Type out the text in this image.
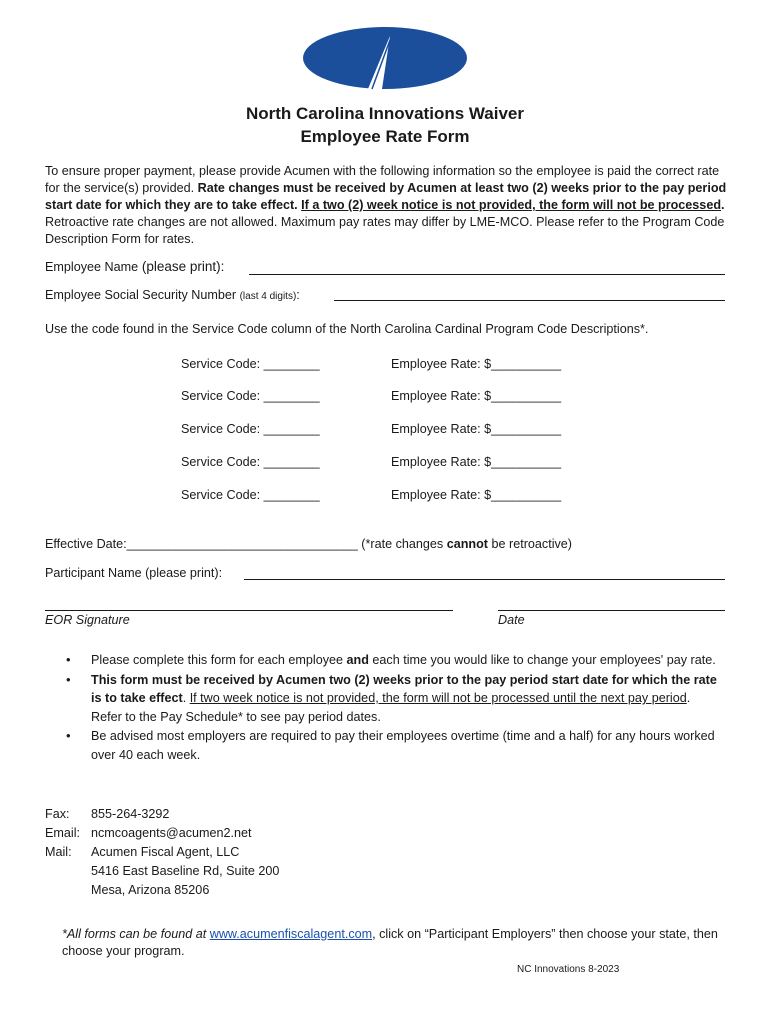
North Carolina Innovations Waiver
Employee Rate Form

To ensure proper payment, please provide Acumen with the following information so the employee is paid the correct rate for the service(s) provided. Rate changes must be received by Acumen at least two (2) weeks prior to the pay period start date for which they are to take effect. If a two (2) week notice is not provided, the form will not be processed. Retroactive rate changes are not allowed. Maximum pay rates may differ by LME-MCO. Please refer to the Program Code Description Form for rates.

Employee Name (please print):
Employee Social Security Number (last 4 digits):
Use the code found in the Service Code column of the North Carolina Cardinal Program Code Descriptions*.
Service Code: ________	Employee Rate: $__________
Service Code: ________	Employee Rate: $__________
Service Code: ________	Employee Rate: $__________
Service Code: ________	Employee Rate: $__________
Service Code: ________	Employee Rate: $__________
Effective Date:_________________________________ (*rate changes cannot be retroactive)
Participant Name (please print):
EOR Signature	Date
• Please complete this form for each employee and each time you would like to change your employees' pay rate.
• This form must be received by Acumen two (2) weeks prior to the pay period start date for which the rate is to take effect. If two week notice is not provided, the form will not be processed until the next pay period. Refer to the Pay Schedule* to see pay period dates.
• Be advised most employers are required to pay their employees overtime (time and a half) for any hours worked over 40 each week.
Fax:	855-264-3292
Email: ncmcoagents@acumen2.net
Mail:	Acumen Fiscal Agent, LLC
5416 East Baseline Rd, Suite 200
Mesa, Arizona 85206
*All forms can be found at www.acumenfiscalagent.com, click on “Participant Employers” then choose your state, then choose your program.
NC Innovations 8-2023
